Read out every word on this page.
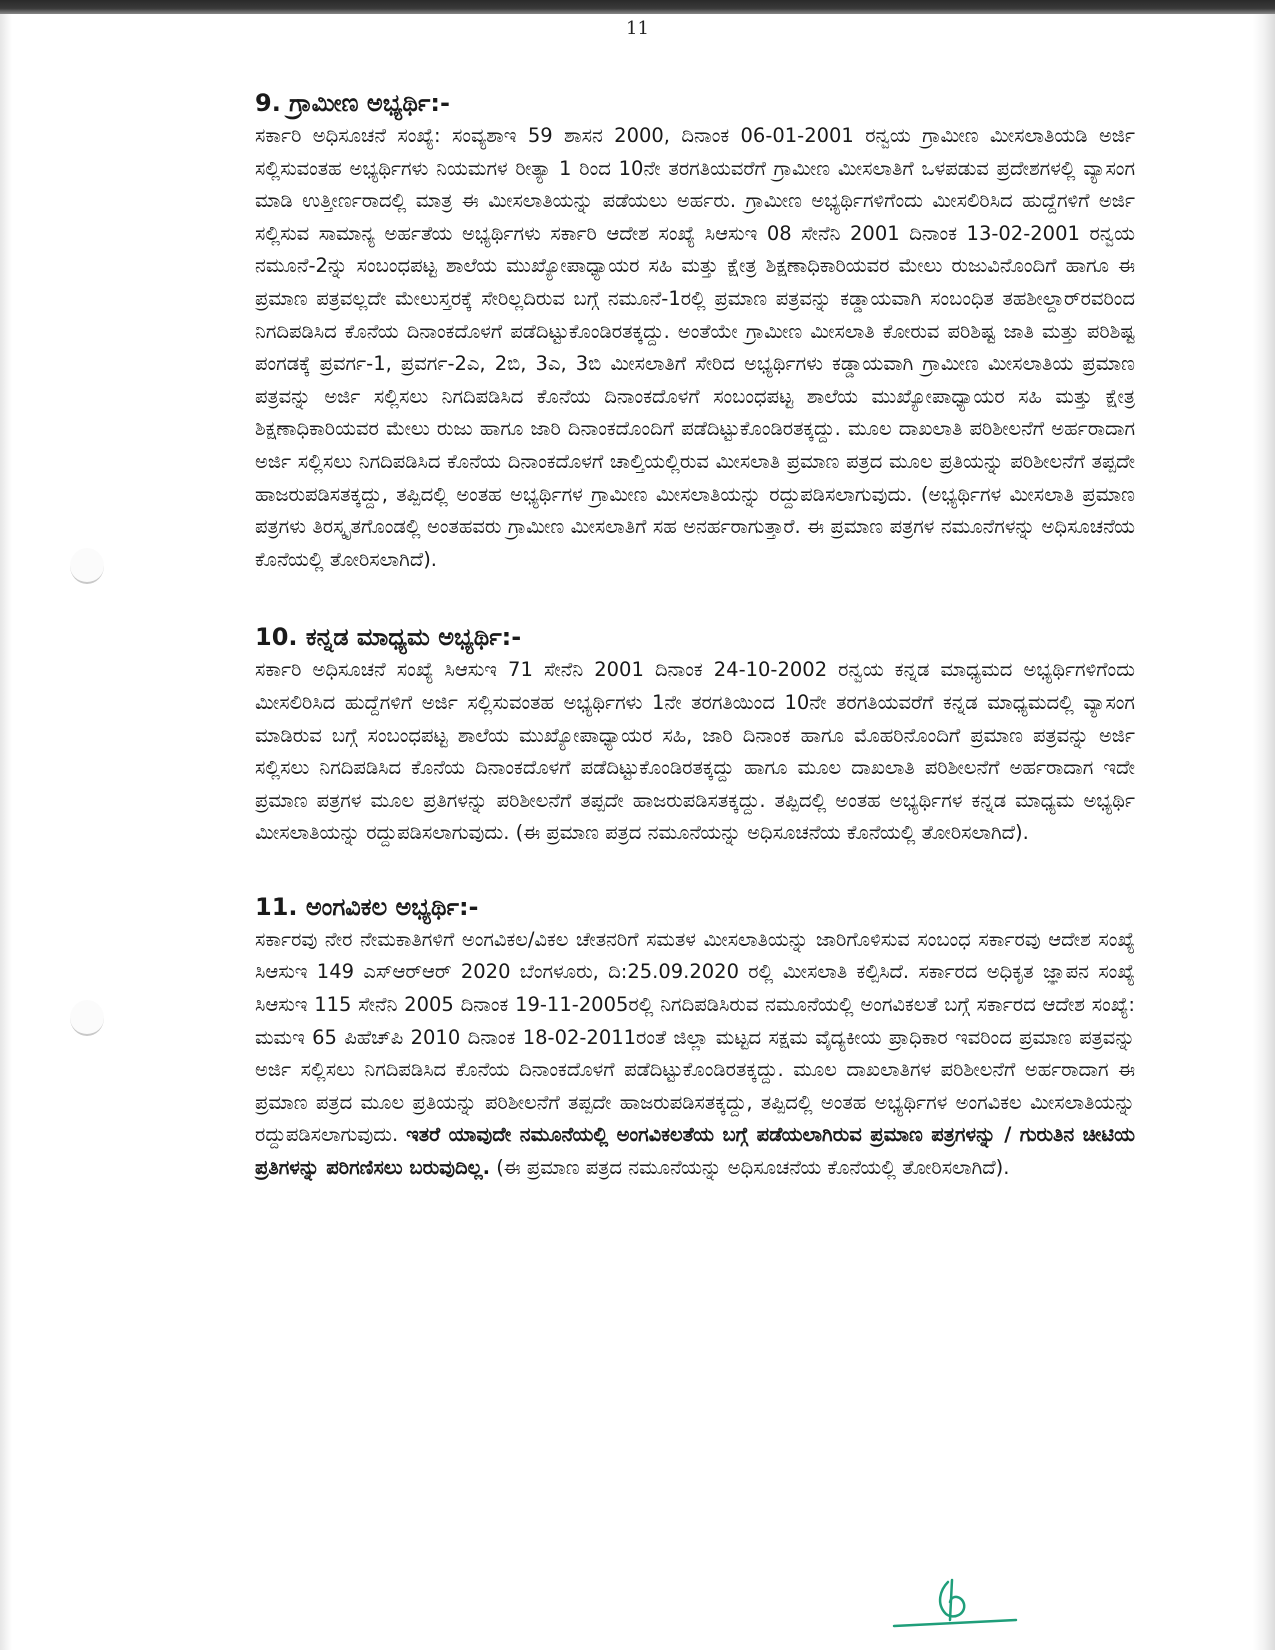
11
9. ಗ್ರಾಮೀಣ ಅಭ್ಯರ್ಥಿ:-

ಸರ್ಕಾರಿ ಅಧಿಸೂಚನೆ ಸಂಖ್ಯೆ: ಸಂವ್ಯಶಾಇ 59 ಶಾಸನ 2000, ದಿನಾಂಕ 06-01-2001 ರನ್ವಯ ಗ್ರಾಮೀಣ ಮೀಸಲಾತಿಯಡಿ ಅರ್ಜಿ ಸಲ್ಲಿಸುವಂತಹ ಅಭ್ಯರ್ಥಿಗಳು ನಿಯಮಗಳ ರೀತ್ಯಾ 1 ರಿಂದ 10ನೇ ತರಗತಿಯವರೆಗೆ ಗ್ರಾಮೀಣ ಮೀಸಲಾತಿಗೆ ಒಳಪಡುವ ಪ್ರದೇಶಗಳಲ್ಲಿ ವ್ಯಾಸಂಗ ಮಾಡಿ ಉತ್ತೀರ್ಣರಾದಲ್ಲಿ ಮಾತ್ರ ಈ ಮೀಸಲಾತಿಯನ್ನು ಪಡೆಯಲು ಅರ್ಹರು. ಗ್ರಾಮೀಣ ಅಭ್ಯರ್ಥಿಗಳಿಗೆಂದು ಮೀಸಲಿರಿಸಿದ ಹುದ್ದೆಗಳಿಗೆ ಅರ್ಜಿ ಸಲ್ಲಿಸುವ ಸಾಮಾನ್ಯ ಅರ್ಹತೆಯ ಅಭ್ಯರ್ಥಿಗಳು ಸರ್ಕಾರಿ ಆದೇಶ ಸಂಖ್ಯೆ ಸಿಆಸುಇ 08 ಸೇನೆನಿ 2001 ದಿನಾಂಕ 13-02-2001 ರನ್ವಯ ನಮೂನೆ-2ನ್ನು ಸಂಬಂಧಪಟ್ಟ ಶಾಲೆಯ ಮುಖ್ಯೋಪಾಧ್ಯಾಯರ ಸಹಿ ಮತ್ತು ಕ್ಷೇತ್ರ ಶಿಕ್ಷಣಾಧಿಕಾರಿಯವರ ಮೇಲು ರುಜುವಿನೊಂದಿಗೆ ಹಾಗೂ ಈ ಪ್ರಮಾಣ ಪತ್ರವಲ್ಲದೇ ಮೇಲುಸ್ತರಕ್ಕೆ ಸೇರಿಲ್ಲದಿರುವ ಬಗ್ಗೆ ನಮೂನೆ-1ರಲ್ಲಿ ಪ್ರಮಾಣ ಪತ್ರವನ್ನು ಕಡ್ಡಾಯವಾಗಿ ಸಂಬಂಧಿತ ತಹಶೀಲ್ದಾರ್‌ರವರಿಂದ ನಿಗದಿಪಡಿಸಿದ ಕೊನೆಯ ದಿನಾಂಕದೊಳಗೆ ಪಡೆದಿಟ್ಟುಕೊಂಡಿರತಕ್ಕದ್ದು. ಅಂತೆಯೇ ಗ್ರಾಮೀಣ ಮೀಸಲಾತಿ ಕೋರುವ ಪರಿಶಿಷ್ಟ ಜಾತಿ ಮತ್ತು ಪರಿಶಿಷ್ಟ ಪಂಗಡಕ್ಕೆ ಪ್ರವರ್ಗ-1, ಪ್ರವರ್ಗ-2ಎ, 2ಬಿ, 3ಎ, 3ಬಿ ಮೀಸಲಾತಿಗೆ ಸೇರಿದ ಅಭ್ಯರ್ಥಿಗಳು ಕಡ್ಡಾಯವಾಗಿ ಗ್ರಾಮೀಣ ಮೀಸಲಾತಿಯ ಪ್ರಮಾಣ ಪತ್ರವನ್ನು ಅರ್ಜಿ ಸಲ್ಲಿಸಲು ನಿಗದಿಪಡಿಸಿದ ಕೊನೆಯ ದಿನಾಂಕದೊಳಗೆ ಸಂಬಂಧಪಟ್ಟ ಶಾಲೆಯ ಮುಖ್ಯೋಪಾಧ್ಯಾಯರ ಸಹಿ ಮತ್ತು ಕ್ಷೇತ್ರ ಶಿಕ್ಷಣಾಧಿಕಾರಿಯವರ ಮೇಲು ರುಜು ಹಾಗೂ ಜಾರಿ ದಿನಾಂಕದೊಂದಿಗೆ ಪಡೆದಿಟ್ಟುಕೊಂಡಿರತಕ್ಕದ್ದು. ಮೂಲ ದಾಖಲಾತಿ ಪರಿಶೀಲನೆಗೆ ಅರ್ಹರಾದಾಗ ಅರ್ಜಿ ಸಲ್ಲಿಸಲು ನಿಗದಿಪಡಿಸಿದ ಕೊನೆಯ ದಿನಾಂಕದೊಳಗೆ ಚಾಲ್ತಿಯಲ್ಲಿರುವ ಮೀಸಲಾತಿ ಪ್ರಮಾಣ ಪತ್ರದ ಮೂಲ ಪ್ರತಿಯನ್ನು ಪರಿಶೀಲನೆಗೆ ತಪ್ಪದೇ ಹಾಜರುಪಡಿಸತಕ್ಕದ್ದು, ತಪ್ಪಿದಲ್ಲಿ ಅಂತಹ ಅಭ್ಯರ್ಥಿಗಳ ಗ್ರಾಮೀಣ ಮೀಸಲಾತಿಯನ್ನು ರದ್ದುಪಡಿಸಲಾಗುವುದು. (ಅಭ್ಯರ್ಥಿಗಳ ಮೀಸಲಾತಿ ಪ್ರಮಾಣ ಪತ್ರಗಳು ತಿರಸ್ಕೃತಗೊಂಡಲ್ಲಿ ಅಂತಹವರು ಗ್ರಾಮೀಣ ಮೀಸಲಾತಿಗೆ ಸಹ ಅನರ್ಹರಾಗುತ್ತಾರೆ. ಈ ಪ್ರಮಾಣ ಪತ್ರಗಳ ನಮೂನೆಗಳನ್ನು ಅಧಿಸೂಚನೆಯ ಕೊನೆಯಲ್ಲಿ ತೋರಿಸಲಾಗಿದೆ).

10. ಕನ್ನಡ ಮಾಧ್ಯಮ ಅಭ್ಯರ್ಥಿ:-

ಸರ್ಕಾರಿ ಅಧಿಸೂಚನೆ ಸಂಖ್ಯೆ ಸಿಆಸುಇ 71 ಸೇನೆನಿ 2001 ದಿನಾಂಕ 24-10-2002 ರನ್ವಯ ಕನ್ನಡ ಮಾಧ್ಯಮದ ಅಭ್ಯರ್ಥಿಗಳಿಗೆಂದು ಮೀಸಲಿರಿಸಿದ ಹುದ್ದೆಗಳಿಗೆ ಅರ್ಜಿ ಸಲ್ಲಿಸುವಂತಹ ಅಭ್ಯರ್ಥಿಗಳು 1ನೇ ತರಗತಿಯಿಂದ 10ನೇ ತರಗತಿಯವರೆಗೆ ಕನ್ನಡ ಮಾಧ್ಯಮದಲ್ಲಿ ವ್ಯಾಸಂಗ ಮಾಡಿರುವ ಬಗ್ಗೆ ಸಂಬಂಧಪಟ್ಟ ಶಾಲೆಯ ಮುಖ್ಯೋಪಾಧ್ಯಾಯರ ಸಹಿ, ಜಾರಿ ದಿನಾಂಕ ಹಾಗೂ ಮೊಹರಿನೊಂದಿಗೆ ಪ್ರಮಾಣ ಪತ್ರವನ್ನು ಅರ್ಜಿ ಸಲ್ಲಿಸಲು ನಿಗದಿಪಡಿಸಿದ ಕೊನೆಯ ದಿನಾಂಕದೊಳಗೆ ಪಡೆದಿಟ್ಟುಕೊಂಡಿರತಕ್ಕದ್ದು ಹಾಗೂ ಮೂಲ ದಾಖಲಾತಿ ಪರಿಶೀಲನೆಗೆ ಅರ್ಹರಾದಾಗ ಇದೇ ಪ್ರಮಾಣ ಪತ್ರಗಳ ಮೂಲ ಪ್ರತಿಗಳನ್ನು ಪರಿಶೀಲನೆಗೆ ತಪ್ಪದೇ ಹಾಜರುಪಡಿಸತಕ್ಕದ್ದು. ತಪ್ಪಿದಲ್ಲಿ ಅಂತಹ ಅಭ್ಯರ್ಥಿಗಳ ಕನ್ನಡ ಮಾಧ್ಯಮ ಅಭ್ಯರ್ಥಿ ಮೀಸಲಾತಿಯನ್ನು ರದ್ದುಪಡಿಸಲಾಗುವುದು. (ಈ ಪ್ರಮಾಣ ಪತ್ರದ ನಮೂನೆಯನ್ನು ಅಧಿಸೂಚನೆಯ ಕೊನೆಯಲ್ಲಿ ತೋರಿಸಲಾಗಿದೆ).

11. ಅಂಗವಿಕಲ ಅಭ್ಯರ್ಥಿ:-

ಸರ್ಕಾರವು ನೇರ ನೇಮಕಾತಿಗಳಿಗೆ ಅಂಗವಿಕಲ/ವಿಕಲ ಚೇತನರಿಗೆ ಸಮತಳ ಮೀಸಲಾತಿಯನ್ನು ಜಾರಿಗೊಳಿಸುವ ಸಂಬಂಧ ಸರ್ಕಾರವು ಆದೇಶ ಸಂಖ್ಯೆ ಸಿಆಸುಇ 149 ಎಸ್‌ಆರ್‌ಆರ್ 2020 ಬೆಂಗಳೂರು, ದಿ:25.09.2020 ರಲ್ಲಿ ಮೀಸಲಾತಿ ಕಲ್ಪಿಸಿದೆ. ಸರ್ಕಾರದ ಅಧಿಕೃತ ಜ್ಞಾಪನ ಸಂಖ್ಯೆ ಸಿಆಸುಇ 115 ಸೇನೆನಿ 2005 ದಿನಾಂಕ 19-11-2005ರಲ್ಲಿ ನಿಗದಿಪಡಿಸಿರುವ ನಮೂನೆಯಲ್ಲಿ ಅಂಗವಿಕಲತೆ ಬಗ್ಗೆ ಸರ್ಕಾರದ ಆದೇಶ ಸಂಖ್ಯೆ: ಮಮಇ 65 ಪಿಹೆಚ್‌ಪಿ 2010 ದಿನಾಂಕ 18-02-2011ರಂತೆ ಜಿಲ್ಲಾ ಮಟ್ಟದ ಸಕ್ಷಮ ವೈದ್ಯಕೀಯ ಪ್ರಾಧಿಕಾರ ಇವರಿಂದ ಪ್ರಮಾಣ ಪತ್ರವನ್ನು ಅರ್ಜಿ ಸಲ್ಲಿಸಲು ನಿಗದಿಪಡಿಸಿದ ಕೊನೆಯ ದಿನಾಂಕದೊಳಗೆ ಪಡೆದಿಟ್ಟುಕೊಂಡಿರತಕ್ಕದ್ದು. ಮೂಲ ದಾಖಲಾತಿಗಳ ಪರಿಶೀಲನೆಗೆ ಅರ್ಹರಾದಾಗ ಈ ಪ್ರಮಾಣ ಪತ್ರದ ಮೂಲ ಪ್ರತಿಯನ್ನು ಪರಿಶೀಲನೆಗೆ ತಪ್ಪದೇ ಹಾಜರುಪಡಿಸತಕ್ಕದ್ದು, ತಪ್ಪಿದಲ್ಲಿ ಅಂತಹ ಅಭ್ಯರ್ಥಿಗಳ ಅಂಗವಿಕಲ ಮೀಸಲಾತಿಯನ್ನು ರದ್ದುಪಡಿಸಲಾಗುವುದು. ಇತರೆ ಯಾವುದೇ ನಮೂನೆಯಲ್ಲಿ ಅಂಗವಿಕಲತೆಯ ಬಗ್ಗೆ ಪಡೆಯಲಾಗಿರುವ ಪ್ರಮಾಣ ಪತ್ರಗಳನ್ನು / ಗುರುತಿನ ಚೀಟಿಯ ಪ್ರತಿಗಳನ್ನು ಪರಿಗಣಿಸಲು ಬರುವುದಿಲ್ಲ. (ಈ ಪ್ರಮಾಣ ಪತ್ರದ ನಮೂನೆಯನ್ನು ಅಧಿಸೂಚನೆಯ ಕೊನೆಯಲ್ಲಿ ತೋರಿಸಲಾಗಿದೆ).
